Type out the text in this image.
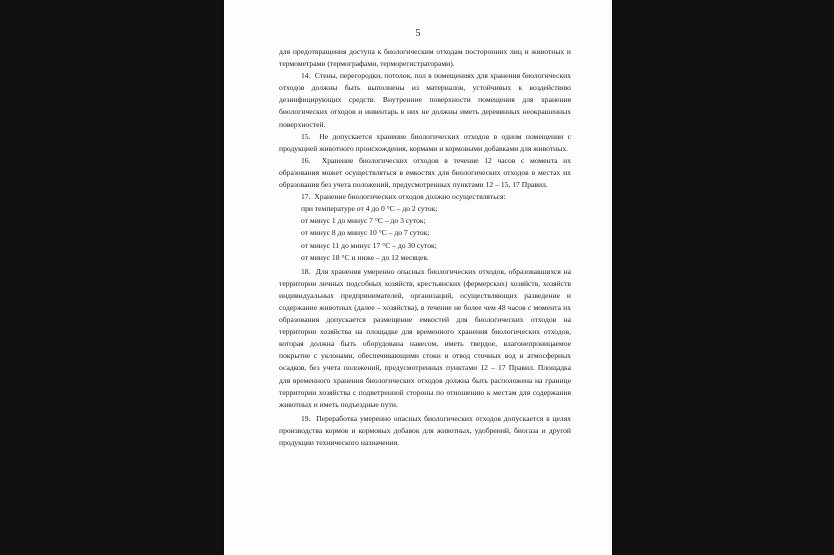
5

для предотвращения доступа к биологическим отходам посторонних лиц и животных и термометрами (термографами, терморегистраторами).

14.  Стены, перегородки, потолок, пол в помещениях для хранения биологических отходов должны быть выполнены из материалов, устойчивых к воздействию дезинфицирующих средств. Внутренние поверхности помещения для хранения биологических отходов и инвентарь в них не должны иметь деревянных неокрашенных поверхностей.

15.  Не допускается хранение биологических отходов в одном помещении с продукцией животного происхождения, кормами и кормовыми добавками для животных.

16.  Хранение биологических отходов в течение 12 часов с момента их образования может осуществляться в емкостях для биологических отходов в местах их образования без учета положений, предусмотренных пунктами 12 – 15, 17 Правил.

17.  Хранение биологических отходов должно осуществляться:

при температуре от 4 до 0 °С – до 2 суток;

от минус 1 до минус 7 °С – до 3 суток;

от минус 8 до минус 10 °С – до 7 суток;

от минус 11 до минус 17 °С – до 30 суток;

от минус 18 °С и ниже – до 12 месяцев.

18.  Для хранения умеренно опасных биологических отходов, образовавшихся на территории личных подсобных хозяйств, крестьянских (фермерских) хозяйств, хозяйств индивидуальных предпринимателей, организаций, осуществляющих разведение и содержание животных (далее – хозяйства), в течение не более чем 48 часов с момента их образования допускается размещение емкостей для биологических отходов на территории хозяйства на площадке для временного хранения биологических отходов, которая должна быть оборудована навесом, иметь твердое, влагонепроницаемое покрытие с уклонами, обеспечивающими стоки и отвод сточных вод и атмосферных осадков, без учета положений, предусмотренных пунктами 12 – 17 Правил. Площадка для временного хранения биологических отходов должна быть расположена на границе территории хозяйства с подветренной стороны по отношению к местам для содержания животных и иметь подъездные пути.

19.  Переработка умеренно опасных биологических отходов допускается в целях производства кормов и кормовых добавок для животных, удобрений, биогаза и другой продукции технического назначения.
